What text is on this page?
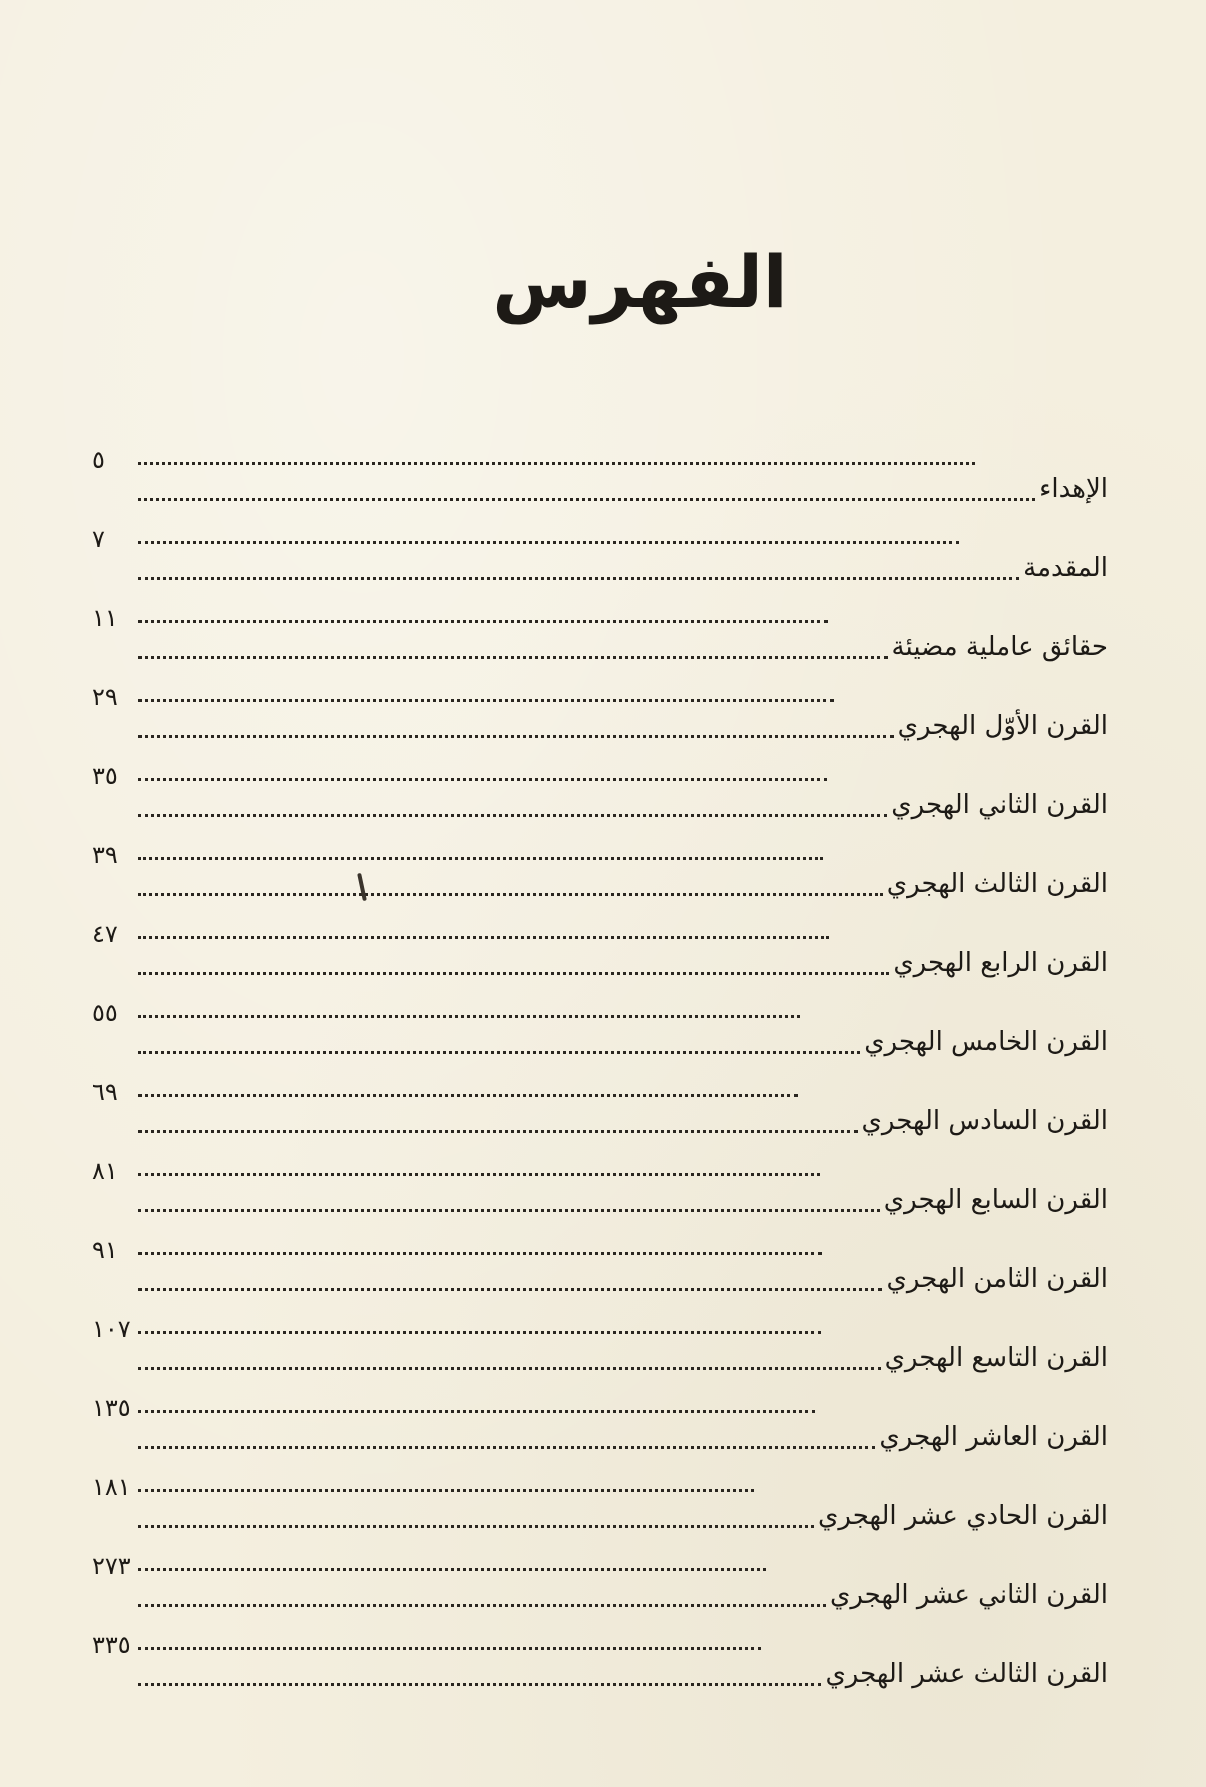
الفهرس
الإهداء
٥
المقدمة
٧
حقائق عاملية مضيئة
١١
القرن الأوّل الهجري
٢٩
القرن الثاني الهجري
٣٥
القرن الثالث الهجري
٣٩
القرن الرابع الهجري
٤٧
القرن الخامس الهجري
٥٥
القرن السادس الهجري
٦٩
القرن السابع الهجري
٨١
القرن الثامن الهجري
٩١
القرن التاسع الهجري
١٠٧
القرن العاشر الهجري
١٣٥
القرن الحادي عشر الهجري
١٨١
القرن الثاني عشر الهجري
٢٧٣
القرن الثالث عشر الهجري
٣٣٥
